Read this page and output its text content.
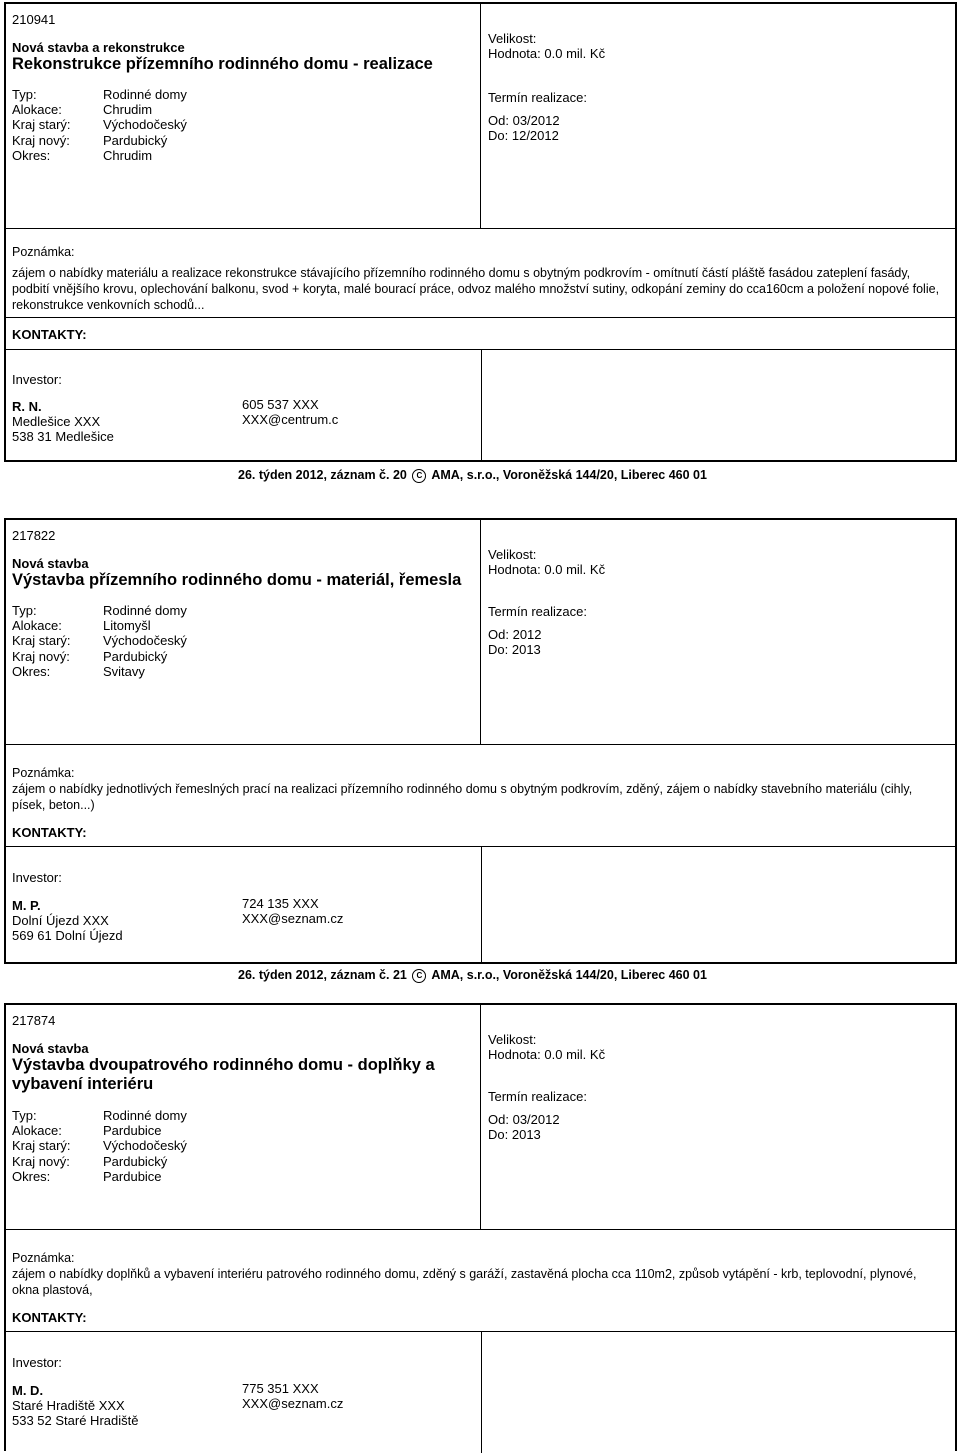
210941
Nová stavba a rekonstrukce
Rekonstrukce přízemního rodinného domu - realizace
Typ:	Rodinné domy
Alokace:	Chrudim
Kraj starý:	Východočeský
Kraj nový:	Pardubický
Okres:	Chrudim
Velikost:
Hodnota: 0.0 mil. Kč
Termín realizace:
Od: 03/2012
Do: 12/2012
Poznámka:
zájem o nabídky materiálu a realizace rekonstrukce stávajícího přízemního rodinného domu s obytným podkrovím - omítnutí částí pláště fasádou zateplení fasády, podbití vnějšího krovu, oplechování balkonu, svod + koryta, malé bourací práce, odvoz malého množství sutiny, odkopání zeminy do cca160cm a položení nopové folie, rekonstrukce venkovních schodů...
KONTAKTY:
Investor:
R. N.
Medlešice XXX
538 31 Medlešice
605 537 XXX
XXX@centrum.c
26. týden 2012, záznam č. 20 C AMA, s.r.o., Voroněžská 144/20, Liberec 460 01
217822
Nová stavba
Výstavba přízemního rodinného domu - materiál, řemesla
Typ:	Rodinné domy
Alokace:	Litomyšl
Kraj starý:	Východočeský
Kraj nový:	Pardubický
Okres:	Svitavy
Velikost:
Hodnota: 0.0 mil. Kč
Termín realizace:
Od: 2012
Do: 2013
Poznámka:
zájem o nabídky jednotlivých řemeslných prací na realizaci přízemního rodinného domu s obytným podkrovím, zděný, zájem o nabídky stavebního materiálu (cihly, písek, beton...)
KONTAKTY:
Investor:
M. P.
Dolní Újezd XXX
569 61 Dolní Újezd
724 135 XXX
XXX@seznam.cz
26. týden 2012, záznam č. 21 C AMA, s.r.o., Voroněžská 144/20, Liberec 460 01
217874
Nová stavba
Výstavba dvoupatrového rodinného domu - doplňky a vybavení interiéru
Typ:	Rodinné domy
Alokace:	Pardubice
Kraj starý:	Východočeský
Kraj nový:	Pardubický
Okres:	Pardubice
Velikost:
Hodnota: 0.0 mil. Kč
Termín realizace:
Od: 03/2012
Do: 2013
Poznámka:
zájem o nabídky doplňků a vybavení interiéru patrového rodinného domu, zděný s garáží, zastavěná plocha cca 110m2, způsob vytápění - krb, teplovodní, plynové, okna plastová,
KONTAKTY:
Investor:
M. D.
Staré Hradiště XXX
533 52 Staré Hradiště
775 351 XXX
XXX@seznam.cz
